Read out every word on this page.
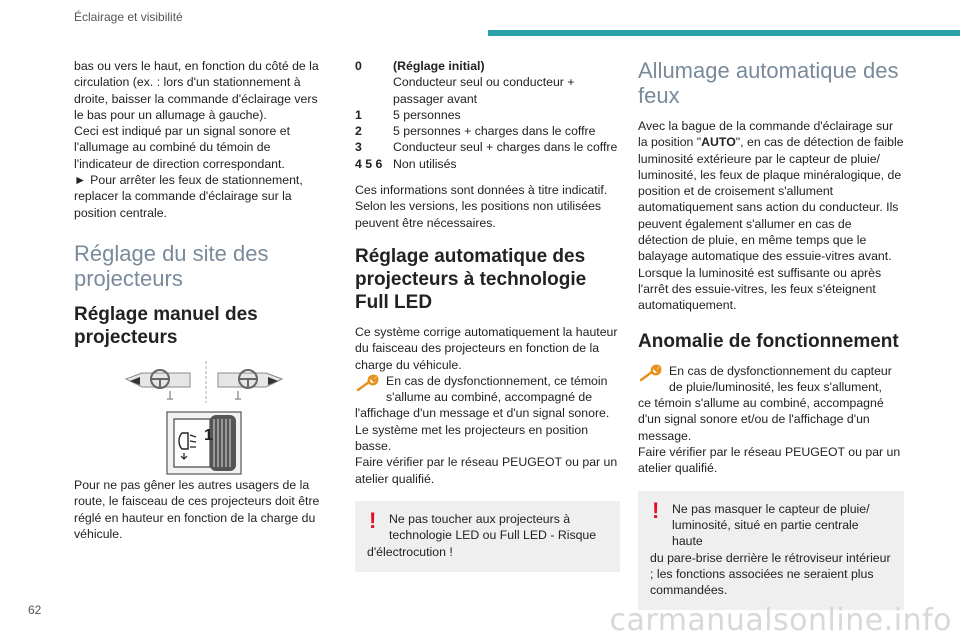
Éclairage et visibilité

bas ou vers le haut, en fonction du côté de la circulation (ex. : lors d'un stationnement à droite, baisser la commande d'éclairage vers le bas pour un allumage à gauche).

Ceci est indiqué par un signal sonore et l'allumage au combiné du témoin de l'indicateur de direction correspondant.

► Pour arrêter les feux de stationnement, replacer la commande d'éclairage sur la position centrale.

Réglage du site des projecteurs
Réglage manuel des projecteurs
1

Pour ne pas gêner les autres usagers de la route, le faisceau de ces projecteurs doit être réglé en hauteur en fonction de la charge du véhicule.

0	(Réglage initial)
Conducteur seul ou conducteur + passager avant
1	5 personnes
2	5 personnes + charges dans le coffre
3	Conducteur seul + charges dans le coffre
4 5 6 Non utilisés

Ces informations sont données à titre indicatif. Selon les versions, les positions non utilisées peuvent être nécessaires.

Réglage automatique des projecteurs à technologie Full LED

Ce système corrige automatiquement la hauteur du faisceau des projecteurs en fonction de la charge du véhicule.

En cas de dysfonctionnement, ce témoin s'allume au combiné, accompagné de

l'affichage d'un message et d'un signal sonore.

Le système met les projecteurs en position basse.

Faire vérifier par le réseau PEUGEOT ou par un atelier qualifié.

!	Ne pas toucher aux projecteurs à technologie LED ou Full LED - Risque

d'électrocution !

Allumage automatique des feux

Avec la bague de la commande d'éclairage sur la position "AUTO", en cas de détection de faible luminosité extérieure par le capteur de pluie/ luminosité, les feux de plaque minéralogique, de position et de croisement s'allument automatiquement sans action du conducteur. Ils peuvent également s'allumer en cas de détection de pluie, en même temps que le balayage automatique des essuie-vitres avant.

Lorsque la luminosité est suffisante ou après l'arrêt des essuie-vitres, les feux s'éteignent automatiquement.

Anomalie de fonctionnement

En cas de dysfonctionnement du capteur de pluie/luminosité, les feux s'allument,

ce témoin s'allume au combiné, accompagné d'un signal sonore et/ou de l'affichage d'un message.

Faire vérifier par le réseau PEUGEOT ou par un atelier qualifié.

!	Ne pas masquer le capteur de pluie/ luminosité, situé en partie centrale haute

du pare-brise derrière le rétroviseur intérieur ; les fonctions associées ne seraient plus commandées.

62	carmanualsonline.info
